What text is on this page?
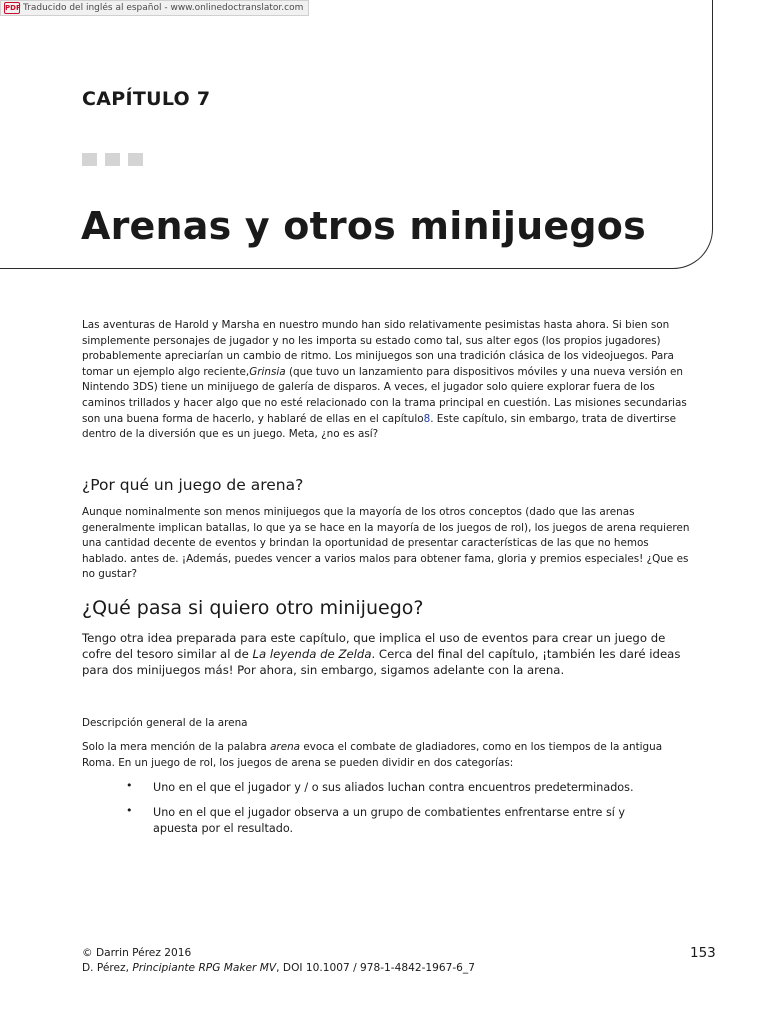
PDF Traducido del inglés al español - www.onlinedoctranslator.com
CAPÍTULO 7
Arenas y otros minijuegos

Las aventuras de Harold y Marsha en nuestro mundo han sido relativamente pesimistas hasta ahora. Si bien son simplemente personajes de jugador y no les importa su estado como tal, sus alter egos (los propios jugadores) probablemente apreciarían un cambio de ritmo. Los minijuegos son una tradición clásica de los videojuegos. Para tomar un ejemplo algo reciente,Grinsia (que tuvo un lanzamiento para dispositivos móviles y una nueva versión en Nintendo 3DS) tiene un minijuego de galería de disparos. A veces, el jugador solo quiere explorar fuera de los caminos trillados y hacer algo que no esté relacionado con la trama principal en cuestión. Las misiones secundarias son una buena forma de hacerlo, y hablaré de ellas en el capítulo8. Este capítulo, sin embargo, trata de divertirse dentro de la diversión que es un juego. Meta, ¿no es así?

¿Por qué un juego de arena?

Aunque nominalmente son menos minijuegos que la mayoría de los otros conceptos (dado que las arenas generalmente implican batallas, lo que ya se hace en la mayoría de los juegos de rol), los juegos de arena requieren una cantidad decente de eventos y brindan la oportunidad de presentar características de las que no hemos hablado. antes de. ¡Además, puedes vencer a varios malos para obtener fama, gloria y premios especiales! ¿Que es no gustar?

¿Qué pasa si quiero otro minijuego?

Tengo otra idea preparada para este capítulo, que implica el uso de eventos para crear un juego de cofre del tesoro similar al de La leyenda de Zelda. Cerca del final del capítulo, ¡también les daré ideas para dos minijuegos más! Por ahora, sin embargo, sigamos adelante con la arena.

Descripción general de la arena

Solo la mera mención de la palabra arena evoca el combate de gladiadores, como en los tiempos de la antigua Roma. En un juego de rol, los juegos de arena se pueden dividir en dos categorías:

• Uno en el que el jugador y / o sus aliados luchan contra encuentros predeterminados.
• Uno en el que el jugador observa a un grupo de combatientes enfrentarse entre sí y apuesta por el resultado.
© Darrin Pérez 2016
D. Pérez, Principiante RPG Maker MV, DOI 10.1007 / 978-1-4842-1967-6_7
153
